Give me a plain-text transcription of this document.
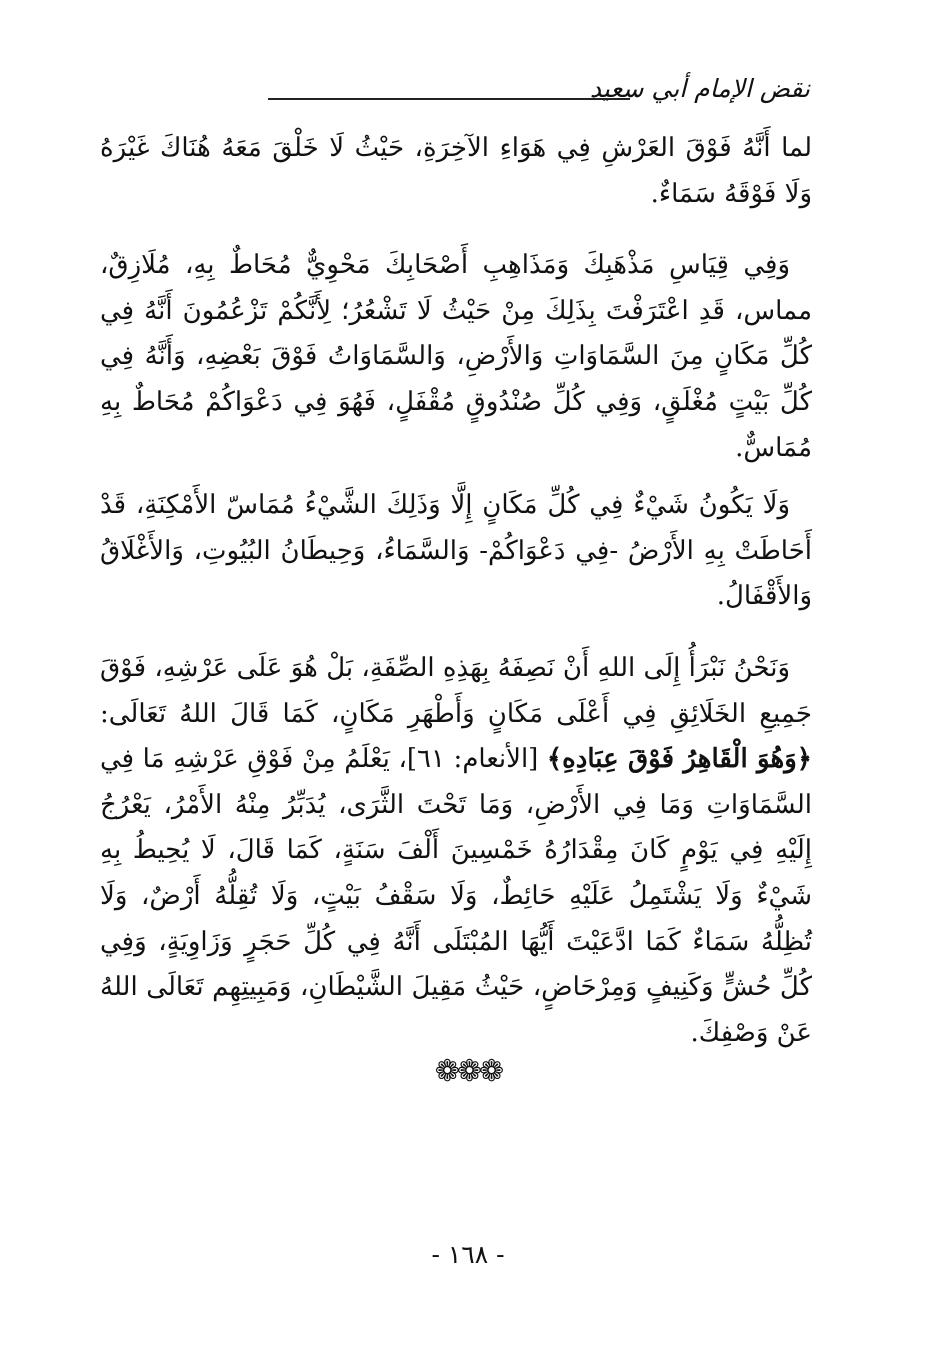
نقض الإمام أبي سعيد

لما أَنَّهُ فَوْقَ العَرْشِ فِي هَوَاءِ الآخِرَةِ، حَيْثُ لَا خَلْقَ مَعَهُ هُنَاكَ غَيْرَهُ وَلَا فَوْقَهُ سَمَاءٌ.

وَفِي قِيَاسِ مَذْهَبِكَ وَمَذَاهِبِ أَصْحَابِكَ مَحْوِيٌّ مُحَاطٌ بِهِ، مُلَازِقٌ، مماس، قَدِ اعْتَرَفْتَ بِذَلِكَ مِنْ حَيْثُ لَا تَشْعُرُ؛ لِأَنَّكُمْ تَزْعُمُونَ أَنَّهُ فِي كُلِّ مَكَانٍ مِنَ السَّمَاوَاتِ وَالأَرْضِ، وَالسَّمَاوَاتُ فَوْقَ بَعْضِهِ، وَأَنَّهُ فِي كُلِّ بَيْتٍ مُغْلَقٍ، وَفِي كُلِّ صُنْدُوقٍ مُقْفَلٍ، فَهُوَ فِي دَعْوَاكُمْ مُحَاطٌ بِهِ مُمَاسٌّ.

وَلَا يَكُونُ شَيْءٌ فِي كُلِّ مَكَانٍ إِلَّا وَذَلِكَ الشَّيْءُ مُمَاسّ الأَمْكِنَةِ، قَدْ أَحَاطَتْ بِهِ الأَرْضُ -فِي دَعْوَاكُمْ- وَالسَّمَاءُ، وَحِيطَانُ البُيُوتِ، وَالأَغْلَاقُ وَالأَقْفَالُ.

وَنَحْنُ نَبْرَأُ إِلَى اللهِ أَنْ نَصِفَهُ بِهَذِهِ الصِّفَةِ، بَلْ هُوَ عَلَى عَرْشِهِ، فَوْقَ جَمِيعِ الخَلَائِقِ فِي أَعْلَى مَكَانٍ وَأَطْهَرِ مَكَانٍ، كَمَا قَالَ اللهُ تَعَالَى: ﴿وَهُوَ الْقَاهِرُ فَوْقَ عِبَادِهِ﴾ [الأنعام: ٦١]، يَعْلَمُ مِنْ فَوْقِ عَرْشِهِ مَا فِي السَّمَاوَاتِ وَمَا فِي الأَرْضِ، وَمَا تَحْتَ الثَّرَى، يُدَبِّرُ مِنْهُ الأَمْرُ، يَعْرُجُ إِلَيْهِ فِي يَوْمٍ كَانَ مِقْدَارُهُ خَمْسِينَ أَلْفَ سَنَةٍ، كَمَا قَالَ، لَا يُحِيطُ بِهِ شَيْءٌ وَلَا يَشْتَمِلُ عَلَيْهِ حَائِطٌ، وَلَا سَقْفُ بَيْتٍ، وَلَا تُقِلُّهُ أَرْضٌ، وَلَا تُظِلُّهُ سَمَاءٌ كَمَا ادَّعَيْتَ أَيُّهَا المُبْتَلَى أَنَّهُ فِي كُلِّ حَجَرٍ وَزَاوِيَةٍ، وَفِي كُلِّ حُشٍّ وَكَنِيفٍ وَمِرْحَاضٍ، حَيْثُ مَقِيلَ الشَّيْطَانِ، وَمَبِيتِهِم تَعَالَى اللهُ عَنْ وَصْفِكَ.

❁❁❁
- ١٦٨ -
